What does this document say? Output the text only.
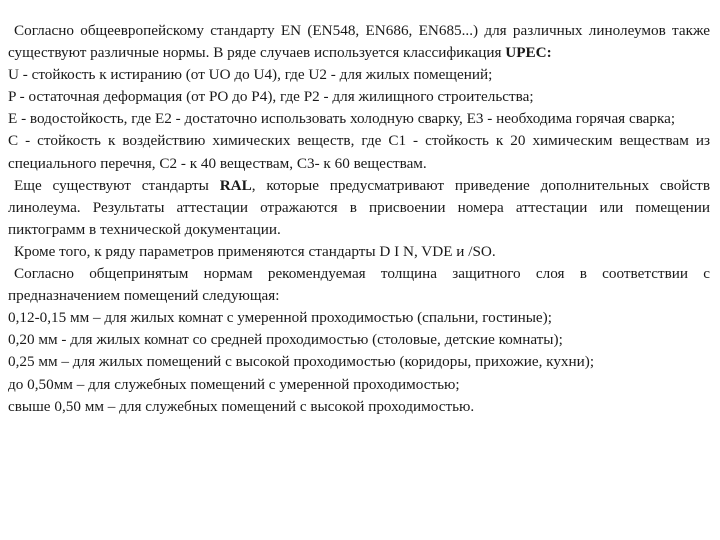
Согласно общеевропейскому стандарту EN (EN548, EN686, EN685...) для различных линолеумов также существуют различные нормы. В ряде случаев используется классификация UPEC:

U - стойкость к истиранию (от UO до U4), где U2 - для жилых помещений;

P - остаточная деформация (от PO до P4), где P2 - для жилищного строительства;

E - водостойкость, где E2 - достаточно использовать холодную сварку, E3 - необходима горячая сварка;

C - стойкость к воздействию химических веществ, где C1 - стойкость к 20 химическим веществам из специального перечня, C2 - к 40 веществам, C3- к 60 веществам.

Еще существуют стандарты RAL, которые предусматривают приведение дополнительных свойств линолеума. Результаты аттестации отражаются в присвоении номера аттестации или помещении пиктограмм в технической документации.

Кроме того, к ряду параметров применяются стандарты D I N, VDE и /SO.

Согласно общепринятым нормам рекомендуемая толщина защитного слоя в соответствии с предназначением помещений следующая:

0,12-0,15 мм – для жилых комнат с умеренной проходимостью (спальни, гостиные);

0,20 мм - для жилых комнат со средней проходимостью (столовые, детские комнаты);

0,25 мм – для жилых помещений с высокой проходимостью (коридоры, прихожие, кухни);

до 0,50мм – для служебных помещений с умеренной проходимостью;

свыше 0,50 мм – для служебных помещений с высокой проходимостью.
